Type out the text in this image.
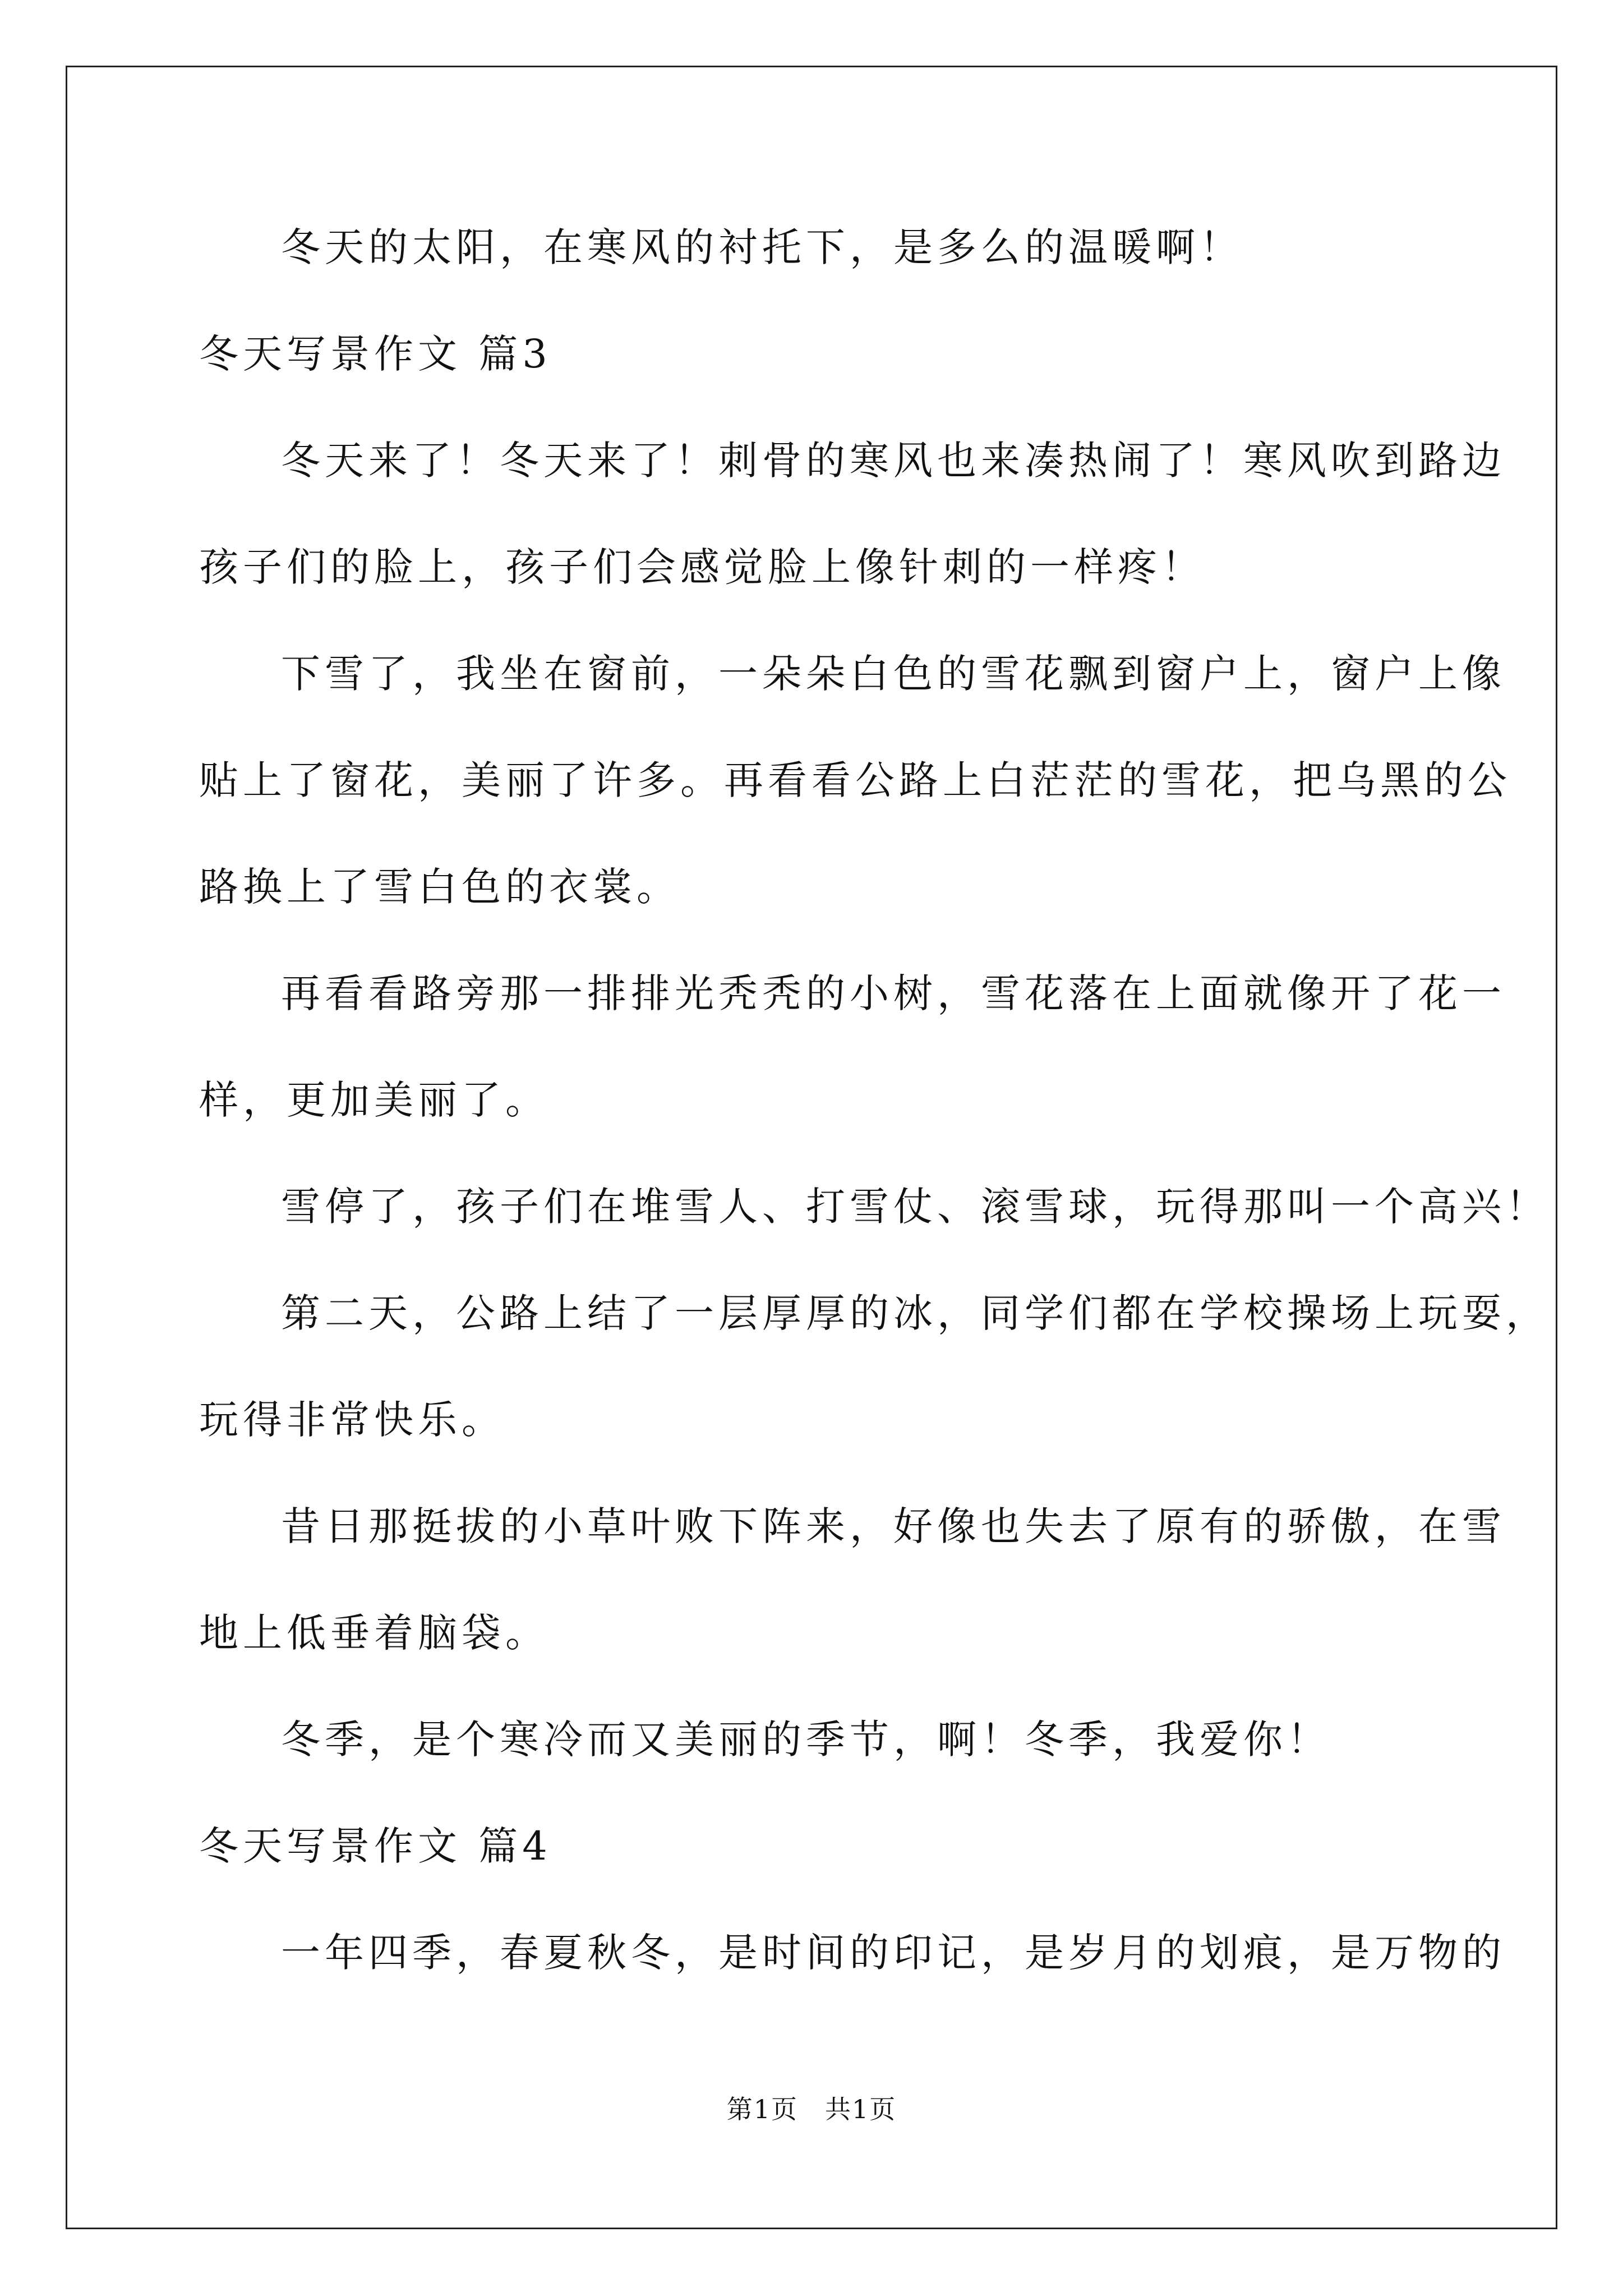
冬天的太阳，在寒风的衬托下，是多么的温暖啊！
冬天写景作文 篇3
冬天来了！冬天来了！刺骨的寒风也来凑热闹了！寒风吹到路边
孩子们的脸上，孩子们会感觉脸上像针刺的一样疼！
下雪了，我坐在窗前，一朵朵白色的雪花飘到窗户上，窗户上像
贴上了窗花，美丽了许多。再看看公路上白茫茫的雪花，把乌黑的公
路换上了雪白色的衣裳。
再看看路旁那一排排光秃秃的小树，雪花落在上面就像开了花一
样，更加美丽了。
雪停了，孩子们在堆雪人、打雪仗、滚雪球，玩得那叫一个高兴！
第二天，公路上结了一层厚厚的冰，同学们都在学校操场上玩耍，
玩得非常快乐。
昔日那挺拔的小草叶败下阵来，好像也失去了原有的骄傲，在雪
地上低垂着脑袋。
冬季，是个寒冷而又美丽的季节，啊！冬季，我爱你！
冬天写景作文 篇4
一年四季，春夏秋冬，是时间的印记，是岁月的划痕，是万物的
第1页　共1页
